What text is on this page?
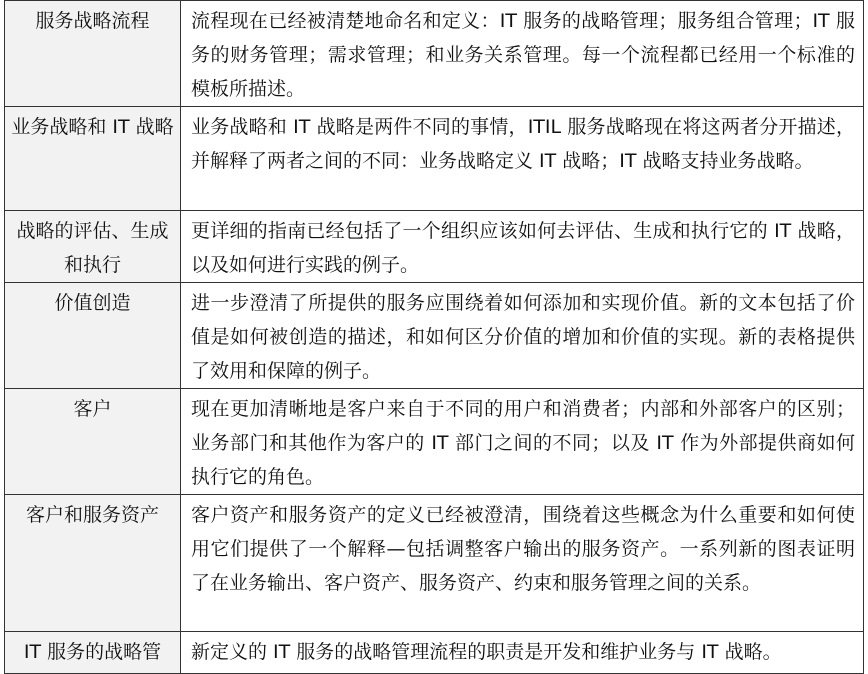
服务战略流程	流程现在已经被清楚地命名和定义：IT 服务的战略管理；服务组合管理；IT 服务的财务管理；需求管理；和业务关系管理。每一个流程都已经用一个标准的模板所描述。
业务战略和 IT 战略	业务战略和 IT 战略是两件不同的事情，ITIL 服务战略现在将这两者分开描述，并解释了两者之间的不同：业务战略定义 IT 战略；IT 战略支持业务战略。
战略的评估、生成和执行	更详细的指南已经包括了一个组织应该如何去评估、生成和执行它的 IT 战略，以及如何进行实践的例子。
价值创造	进一步澄清了所提供的服务应围绕着如何添加和实现价值。新的文本包括了价值是如何被创造的描述，和如何区分价值的增加和价值的实现。新的表格提供了效用和保障的例子。
客户	现在更加清晰地是客户来自于不同的用户和消费者；内部和外部客户的区别；业务部门和其他作为客户的 IT 部门之间的不同；以及 IT 作为外部提供商如何执行它的角色。
客户和服务资产	客户资产和服务资产的定义已经被澄清，围绕着这些概念为什么重要和如何使用它们提供了一个解释—包括调整客户输出的服务资产。一系列新的图表证明了在业务输出、客户资产、服务资产、约束和服务管理之间的关系。
IT 服务的战略管	新定义的 IT 服务的战略管理流程的职责是开发和维护业务与 IT 战略。
